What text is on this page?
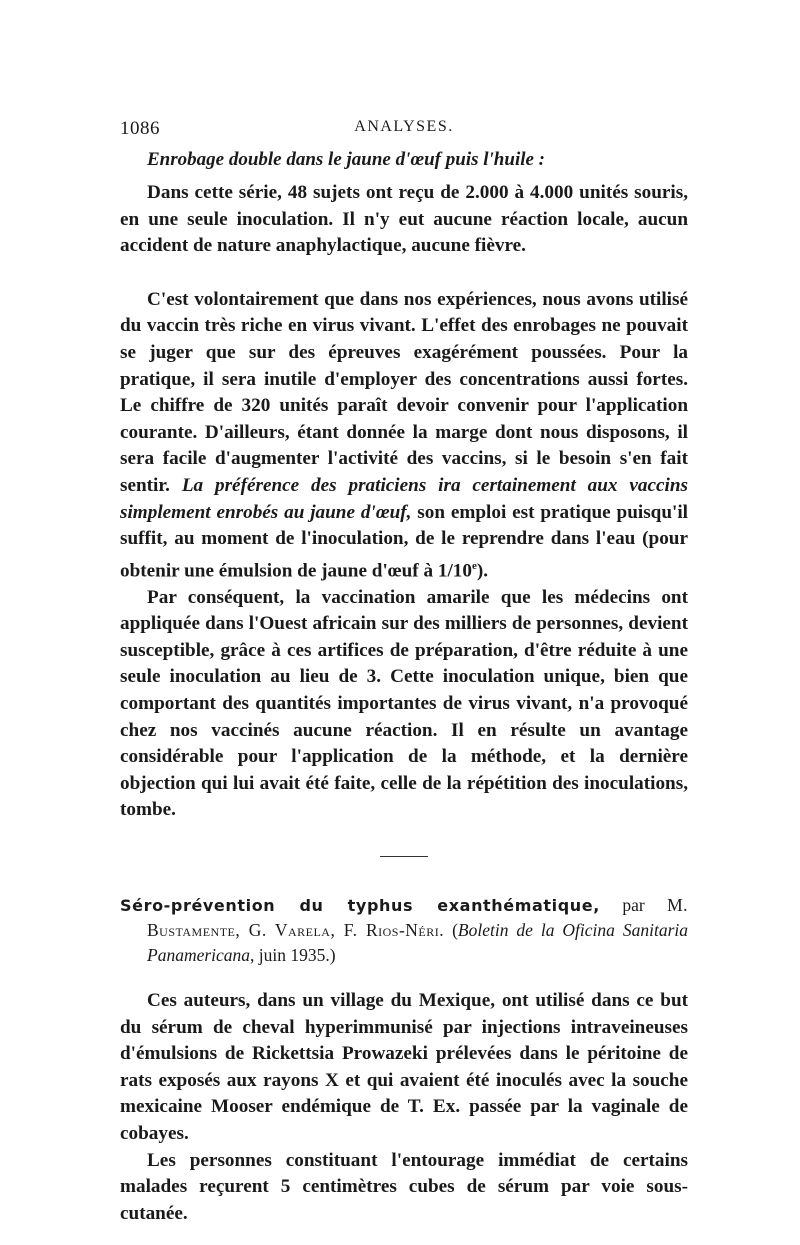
1086	ANALYSES.
Enrobage double dans le jaune d'œuf puis l'huile :

Dans cette série, 48 sujets ont reçu de 2.000 à 4.000 unités souris, en une seule inoculation. Il n'y eut aucune réaction locale, aucun accident de nature anaphylactique, aucune fièvre.

C'est volontairement que dans nos expériences, nous avons utilisé du vaccin très riche en virus vivant. L'effet des enrobages ne pouvait se juger que sur des épreuves exagérément poussées. Pour la pratique, il sera inutile d'employer des concentrations aussi fortes. Le chiffre de 320 unités paraît devoir convenir pour l'application courante. D'ailleurs, étant donnée la marge dont nous disposons, il sera facile d'augmenter l'activité des vaccins, si le besoin s'en fait sentir. La préférence des praticiens ira certainement aux vaccins simplement enrobés au jaune d'œuf, son emploi est pratique puisqu'il suffit, au moment de l'inoculation, de le reprendre dans l'eau (pour obtenir une émulsion de jaune d'œuf à 1/10e).

Par conséquent, la vaccination amarile que les médecins ont appliquée dans l'Ouest africain sur des milliers de personnes, devient susceptible, grâce à ces artifices de préparation, d'être réduite à une seule inoculation au lieu de 3. Cette inoculation unique, bien que comportant des quantités importantes de virus vivant, n'a provoqué chez nos vaccinés aucune réaction. Il en résulte un avantage considérable pour l'application de la méthode, et la dernière objection qui lui avait été faite, celle de la répétition des inoculations, tombe.

Séro-prévention du typhus exanthématique, par M. Bustamente, G. Varela, F. Rios-Néri. (Boletin de la Oficina Sanitaria Panamericana, juin 1935.)

Ces auteurs, dans un village du Mexique, ont utilisé dans ce but du sérum de cheval hyperimmunisé par injections intraveineuses d'émulsions de Rickettsia Prowazeki prélevées dans le péritoine de rats exposés aux rayons X et qui avaient été inoculés avec la souche mexicaine Mooser endémique de T. Ex. passée par la vaginale de cobayes.

Les personnes constituant l'entourage immédiat de certains malades reçurent 5 centimètres cubes de sérum par voie sous-cutanée.
